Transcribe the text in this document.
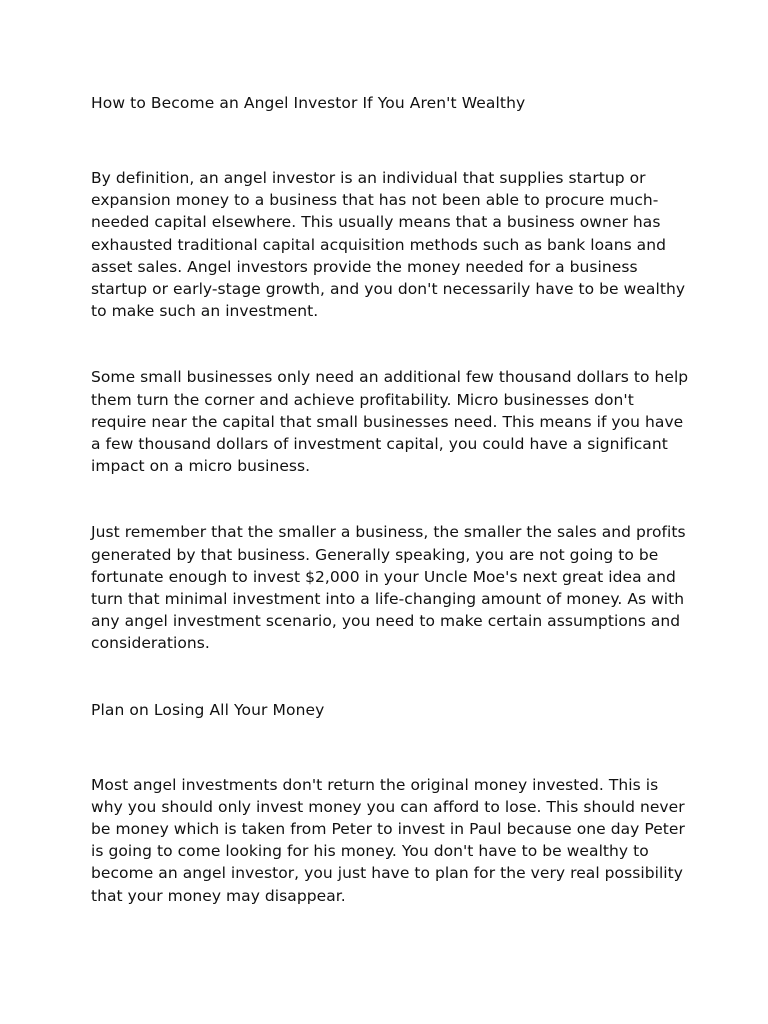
How to Become an Angel Investor If You Aren't Wealthy

By definition, an angel investor is an individual that supplies startup or expansion money to a business that has not been able to procure much-needed capital elsewhere. This usually means that a business owner has exhausted traditional capital acquisition methods such as bank loans and asset sales. Angel investors provide the money needed for a business startup or early-stage growth, and you don't necessarily have to be wealthy to make such an investment.

Some small businesses only need an additional few thousand dollars to help them turn the corner and achieve profitability. Micro businesses don't require near the capital that small businesses need. This means if you have a few thousand dollars of investment capital, you could have a significant impact on a micro business.

Just remember that the smaller a business, the smaller the sales and profits generated by that business. Generally speaking, you are not going to be fortunate enough to invest $2,000 in your Uncle Moe's next great idea and turn that minimal investment into a life-changing amount of money. As with any angel investment scenario, you need to make certain assumptions and considerations.

Plan on Losing All Your Money

Most angel investments don't return the original money invested. This is why you should only invest money you can afford to lose. This should never be money which is taken from Peter to invest in Paul because one day Peter is going to come looking for his money. You don't have to be wealthy to become an angel investor, you just have to plan for the very real possibility that your money may disappear.
